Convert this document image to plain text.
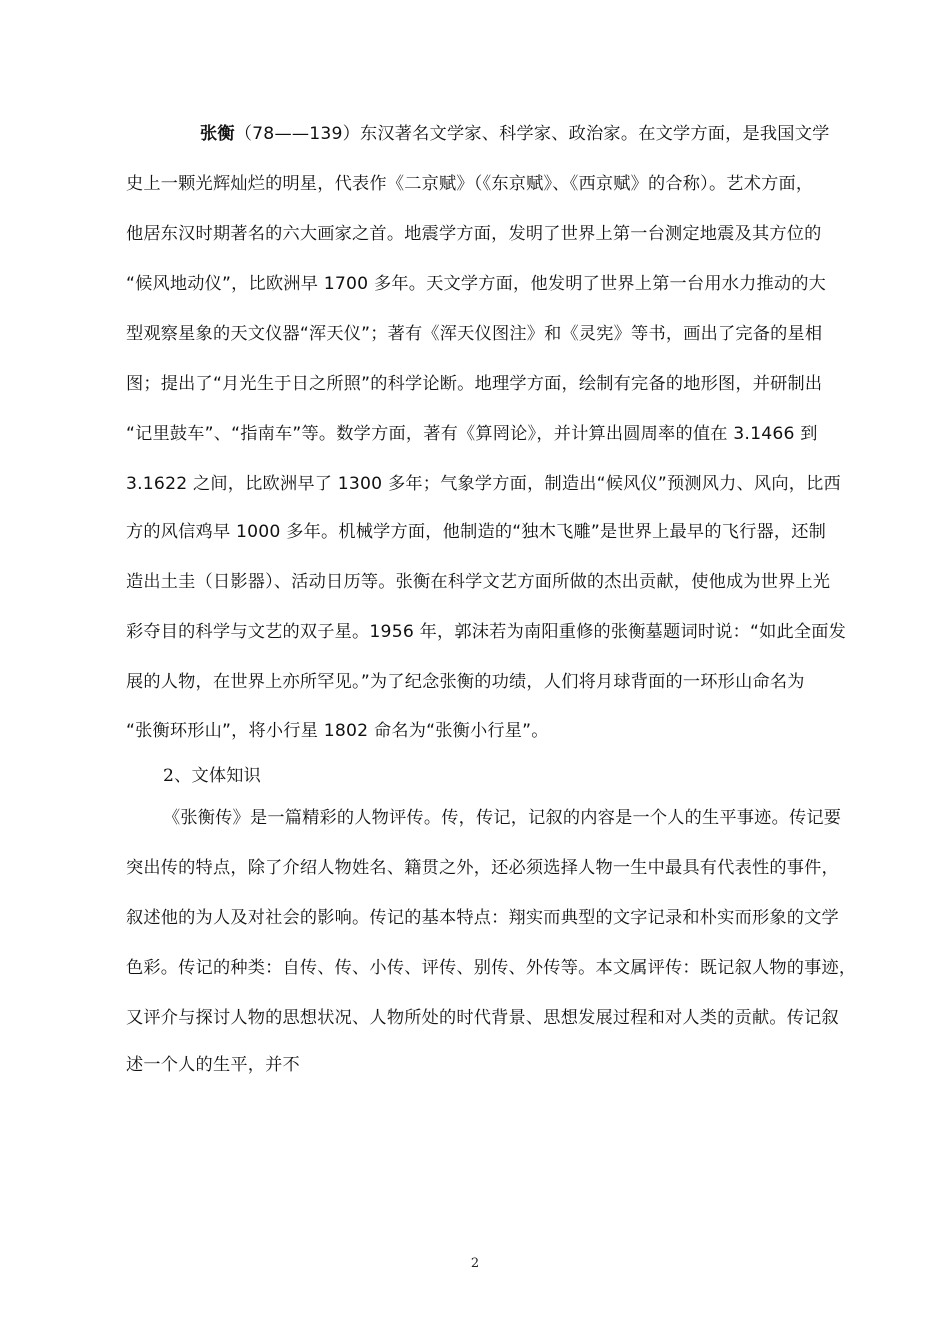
张衡（78——139）东汉著名文学家、科学家、政治家。在文学方面，是我国文学
史上一颗光辉灿烂的明星，代表作《二京赋》（《东京赋》、《西京赋》的合称）。艺术方面，
他居东汉时期著名的六大画家之首。地震学方面，发明了世界上第一台测定地震及其方位的
“候风地动仪”，比欧洲早 1700 多年。天文学方面，他发明了世界上第一台用水力推动的大
型观察星象的天文仪器“浑天仪”；著有《浑天仪图注》和《灵宪》等书，画出了完备的星相
图；提出了“月光生于日之所照”的科学论断。地理学方面，绘制有完备的地形图，并研制出
“记里鼓车”、“指南车”等。数学方面，著有《算罔论》，并计算出圆周率的值在 3.1466 到
3.1622 之间，比欧洲早了 1300 多年；气象学方面，制造出“候风仪”预测风力、风向，比西
方的风信鸡早 1000 多年。机械学方面，他制造的“独木飞雕”是世界上最早的飞行器，还制
造出土圭（日影器）、活动日历等。张衡在科学文艺方面所做的杰出贡献，使他成为世界上光
彩夺目的科学与文艺的双子星。1956 年，郭沫若为南阳重修的张衡墓题词时说：“如此全面发
展的人物，在世界上亦所罕见。”为了纪念张衡的功绩，人们将月球背面的一环形山命名为
“张衡环形山”，将小行星 1802 命名为“张衡小行星”。
2、文体知识
《张衡传》是一篇精彩的人物评传。传，传记，记叙的内容是一个人的生平事迹。传记要
突出传的特点，除了介绍人物姓名、籍贯之外，还必须选择人物一生中最具有代表性的事件，
叙述他的为人及对社会的影响。传记的基本特点：翔实而典型的文字记录和朴实而形象的文学
色彩。传记的种类：自传、传、小传、评传、别传、外传等。本文属评传：既记叙人物的事迹，
又评介与探讨人物的思想状况、人物所处的时代背景、思想发展过程和对人类的贡献。传记叙
述一个人的生平，并不
2
